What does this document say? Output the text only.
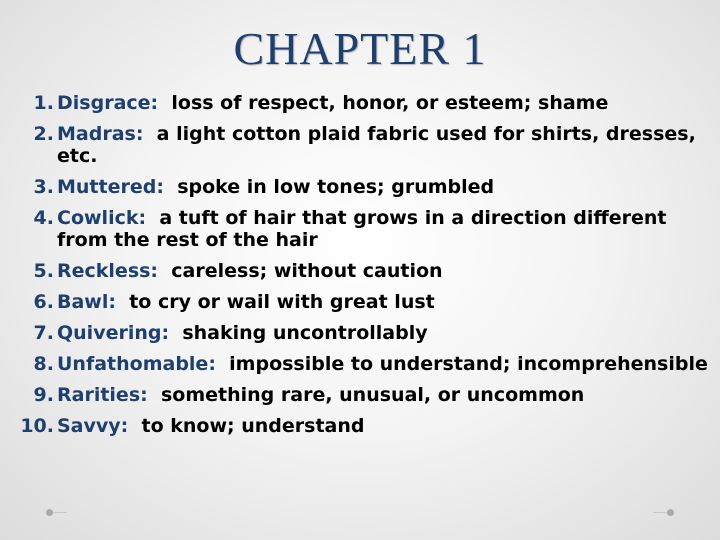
CHAPTER 1
1. Disgrace: loss of respect, honor, or esteem; shame
2. Madras: a light cotton plaid fabric used for shirts, dresses, etc.
3. Muttered: spoke in low tones; grumbled
4. Cowlick: a tuft of hair that grows in a direction different from the rest of the hair
5. Reckless: careless; without caution
6. Bawl: to cry or wail with great lust
7. Quivering: shaking uncontrollably
8. Unfathomable: impossible to understand; incomprehensible
9. Rarities: something rare, unusual, or uncommon
10. Savvy: to know; understand
